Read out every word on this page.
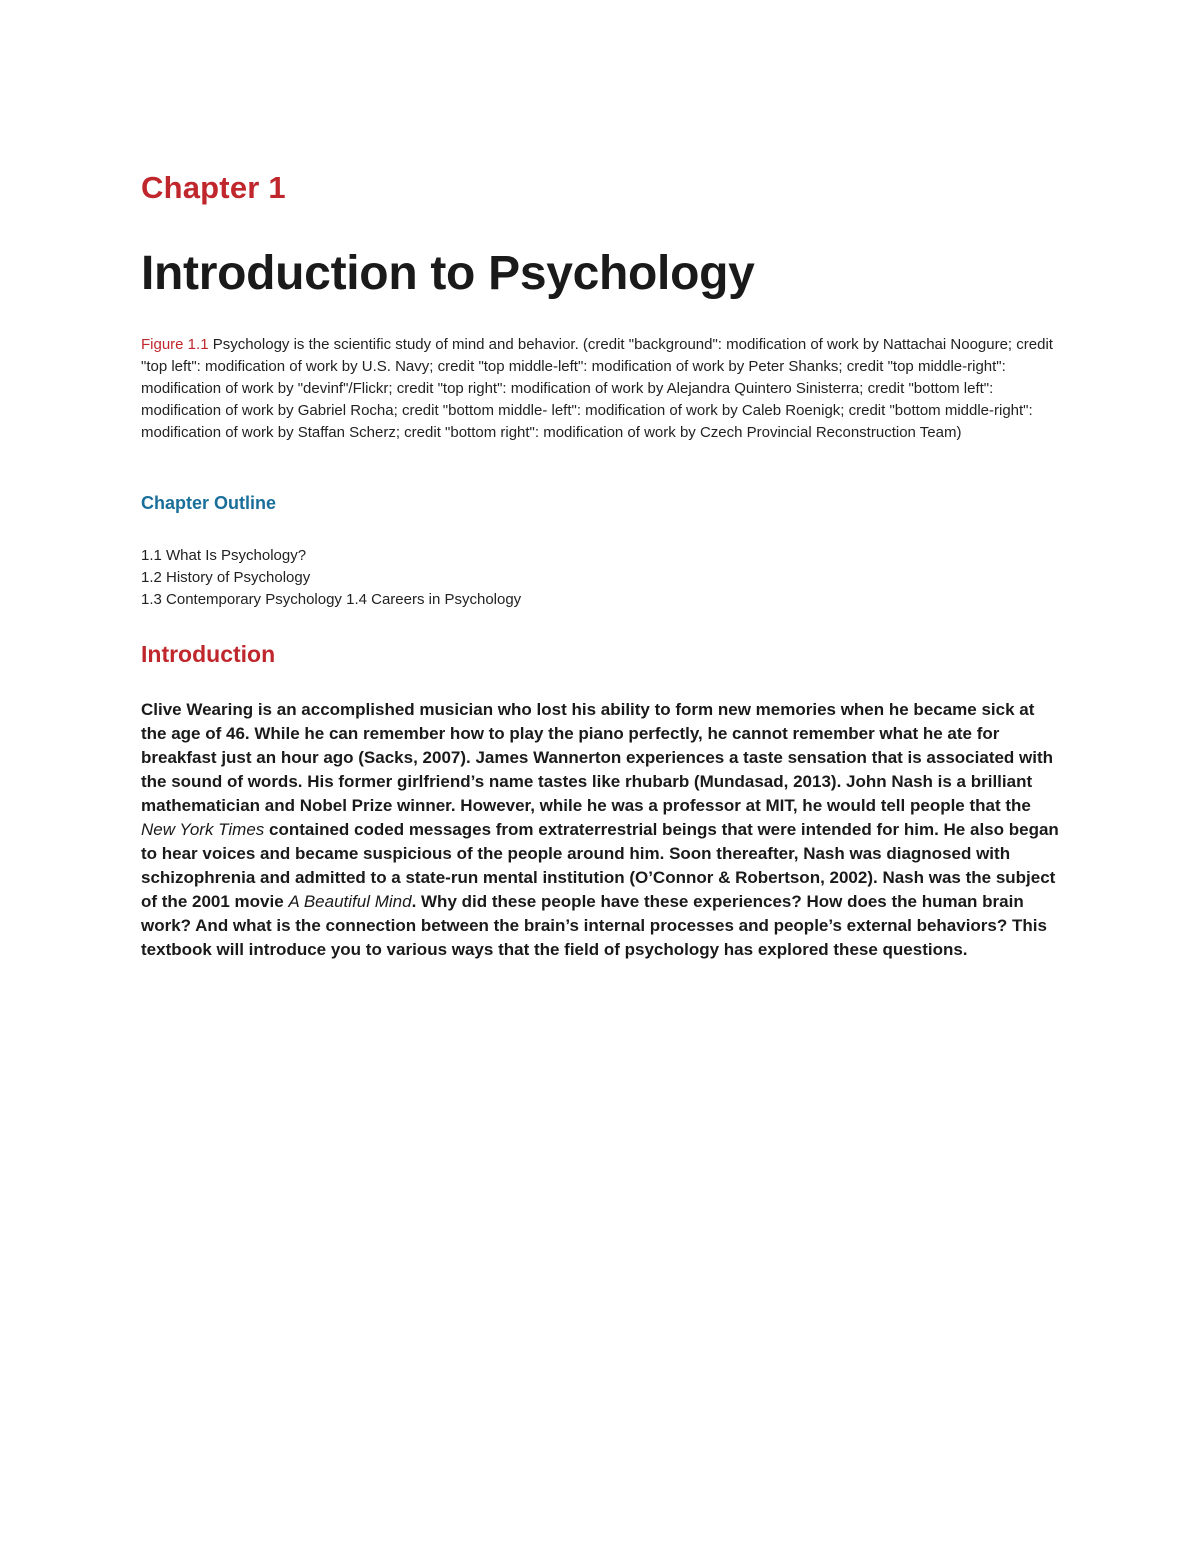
Chapter 1
Introduction to Psychology

Figure 1.1 Psychology is the scientific study of mind and behavior. (credit "background": modification of work by Nattachai Noogure; credit "top left": modification of work by U.S. Navy; credit "top middle-left": modification of work by Peter Shanks; credit "top middle-right": modification of work by "devinf"/Flickr; credit "top right": modification of work by Alejandra Quintero Sinisterra; credit "bottom left": modification of work by Gabriel Rocha; credit "bottom middle- left": modification of work by Caleb Roenigk; credit "bottom middle-right": modification of work by Staffan Scherz; credit "bottom right": modification of work by Czech Provincial Reconstruction Team)

Chapter Outline
1.1 What Is Psychology?
1.2 History of Psychology
1.3 Contemporary Psychology 1.4 Careers in Psychology
Introduction

Clive Wearing is an accomplished musician who lost his ability to form new memories when he became sick at the age of 46. While he can remember how to play the piano perfectly, he cannot remember what he ate for breakfast just an hour ago (Sacks, 2007). James Wannerton experiences a taste sensation that is associated with the sound of words. His former girlfriend’s name tastes like rhubarb (Mundasad, 2013). John Nash is a brilliant mathematician and Nobel Prize winner. However, while he was a professor at MIT, he would tell people that the New York Times contained coded messages from extraterrestrial beings that were intended for him. He also began to hear voices and became suspicious of the people around him. Soon thereafter, Nash was diagnosed with schizophrenia and admitted to a state-run mental institution (O’Connor & Robertson, 2002). Nash was the subject of the 2001 movie A Beautiful Mind. Why did these people have these experiences? How does the human brain work? And what is the connection between the brain’s internal processes and people’s external behaviors? This textbook will introduce you to various ways that the field of psychology has explored these questions.
